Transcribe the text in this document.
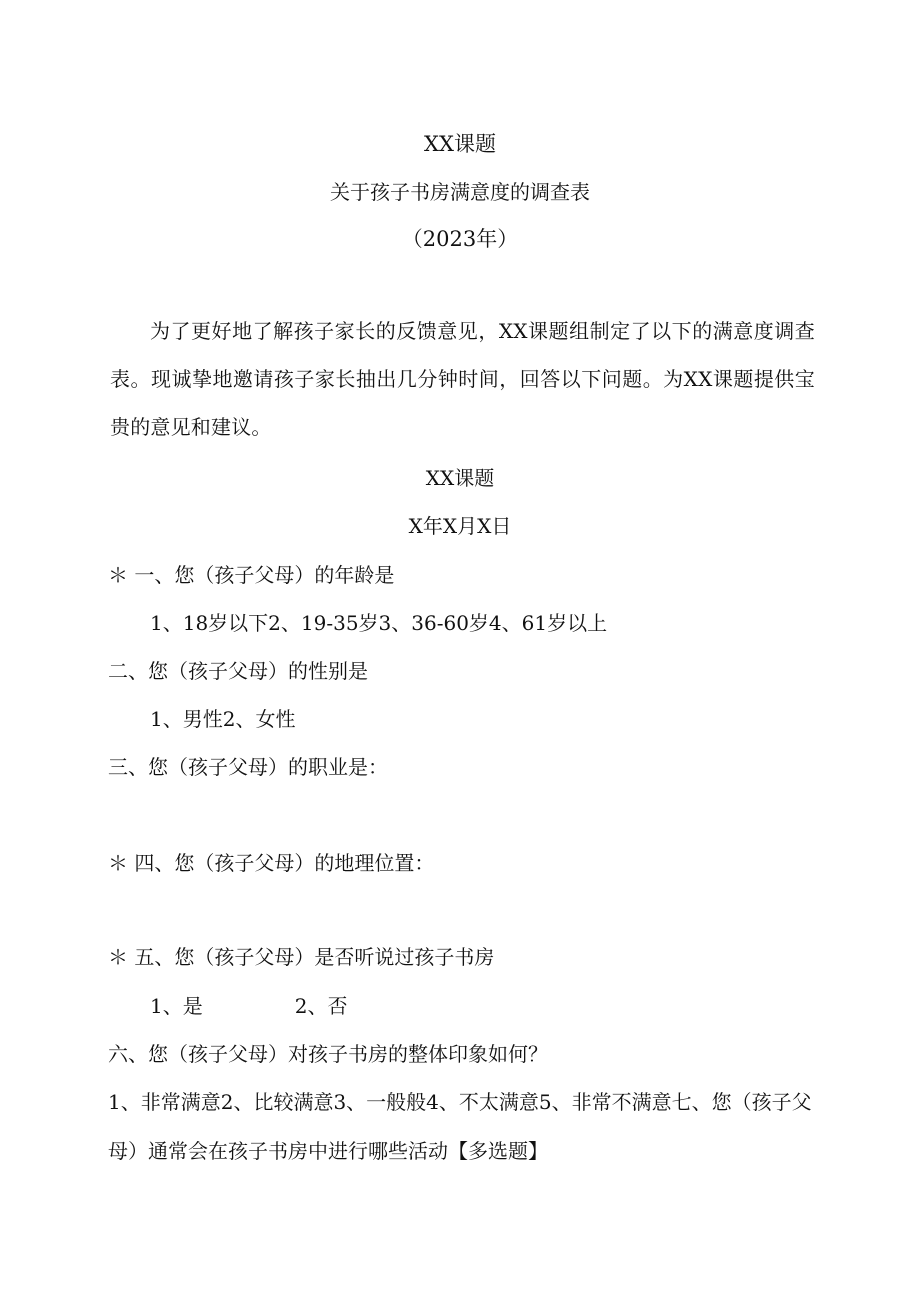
XX课题
关于孩子书房满意度的调查表
（2023年）
为了更好地了解孩子家长的反馈意见，XX课题组制定了以下的满意度调查表。现诚挚地邀请孩子家长抽出几分钟时间，回答以下问题。为XX课题提供宝贵的意见和建议。
XX课题
X年X月X日
＊ 一、您（孩子父母）的年龄是
1、18岁以下2、19-35岁3、36-60岁4、61岁以上
二、您（孩子父母）的性别是
1、男性2、女性
三、您（孩子父母）的职业是：
＊ 四、您（孩子父母）的地理位置：
＊ 五、您（孩子父母）是否听说过孩子书房
1、是	2、否
六、您（孩子父母）对孩子书房的整体印象如何？
1、非常满意2、比较满意3、一般般4、不太满意5、非常不满意七、您（孩子父母）通常会在孩子书房中进行哪些活动【多选题】
